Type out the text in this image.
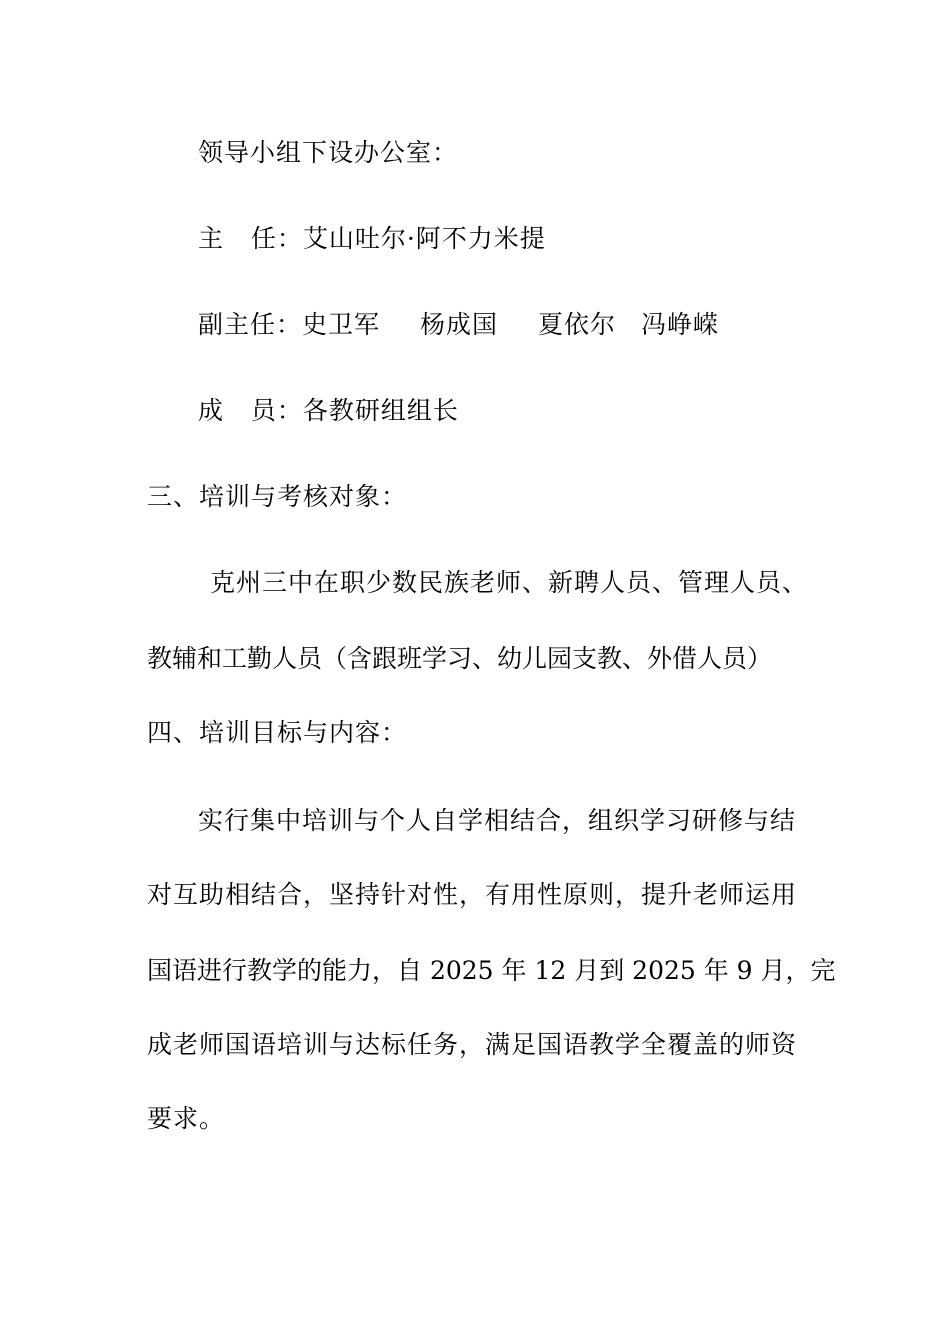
领导小组下设办公室：
主   任：艾山吐尔·阿不力米提
副主任：史卫军 杨成国 夏依尔 冯峥嵘
成   员：各教研组组长
三、培训与考核对象：
克州三中在职少数民族老师、新聘人员、管理人员、
教辅和工勤人员（含跟班学习、幼儿园支教、外借人员）
四、培训目标与内容：
实行集中培训与个人自学相结合，组织学习研修与结
对互助相结合，坚持针对性，有用性原则，提升老师运用
国语进行教学的能力，自 2025 年 12 月到 2025 年 9 月，完
成老师国语培训与达标任务，满足国语教学全覆盖的师资
要求。
